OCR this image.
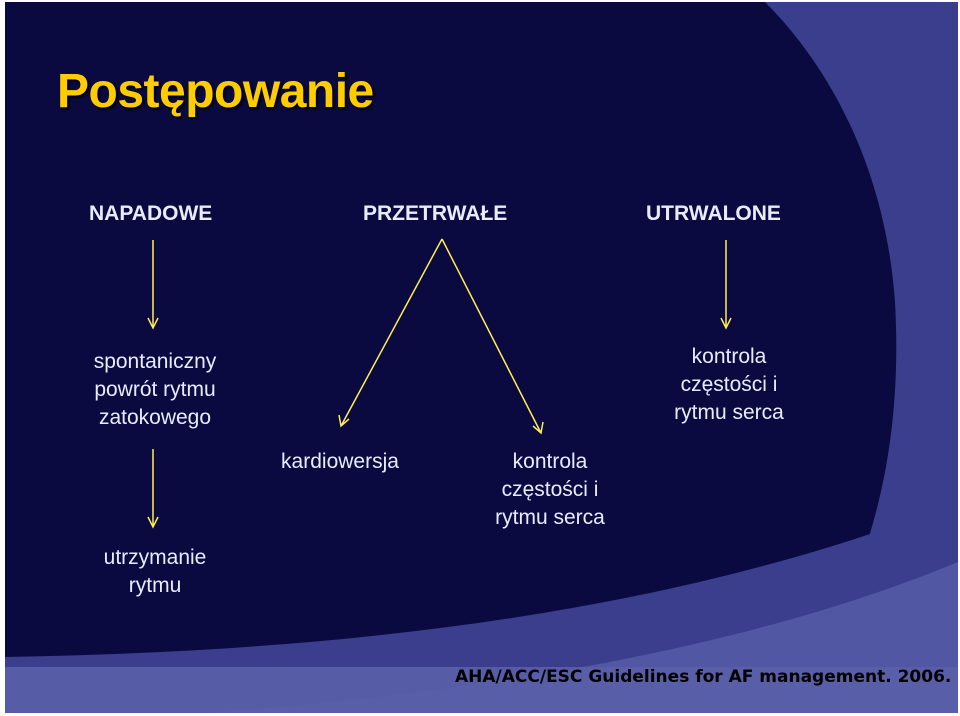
Postępowanie
NAPADOWE	PRZETRWAŁE	UTRWALONE
spontaniczny
powrót rytmu
zatokowego
utrzymanie
rytmu
kardiowersja	kontrola
częstości i
rytmu serca
kontrola
częstości i
rytmu serca
AHA/ACC/ESC Guidelines for AF management. 2006.
